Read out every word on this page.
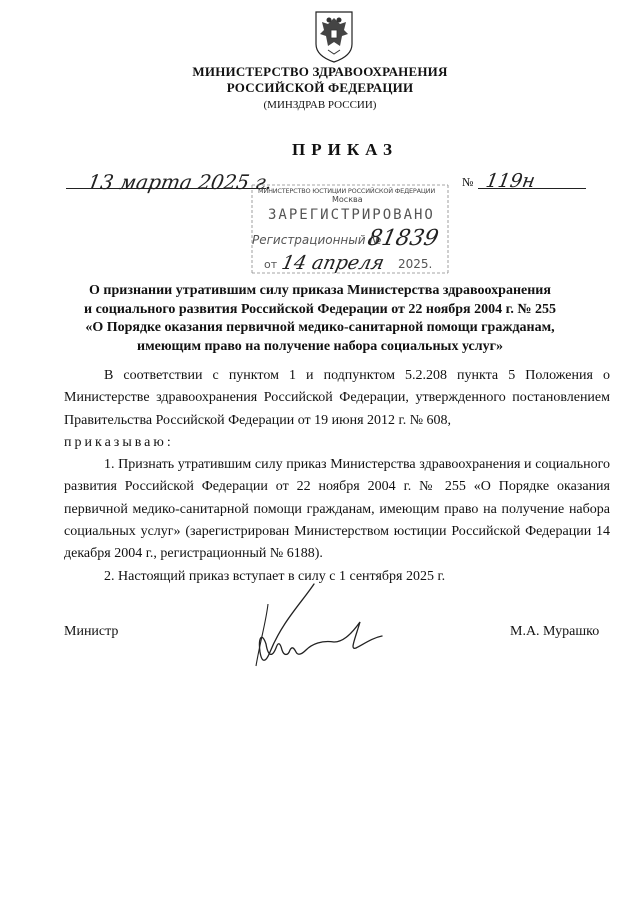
МИНИСТЕРСТВО ЗДРАВООХРАНЕНИЯ
РОССИЙСКОЙ ФЕДЕРАЦИИ
(МИНЗДРАВ РОССИИ)
ПРИКАЗ
13 марта 2025 г.	№ 119н
МИНИСТЕРСТВО ЮСТИЦИИ РОССИЙСКОЙ ФЕДЕРАЦИИ
Москва
ЗАРЕГИСТРИРОВАНО
Регистрационный №
81839
от 14 апреля 2025.
О признании утратившим силу приказа Министерства здравоохранения
и социального развития Российской Федерации от 22 ноября 2004 г. № 255
«О Порядке оказания первичной медико-санитарной помощи гражданам,
имеющим право на получение набора социальных услуг»

В соответствии с пунктом 1 и подпунктом 5.2.208 пункта 5 Положения о Министерстве здравоохранения Российской Федерации, утвержденного постановлением Правительства Российской Федерации от 19 июня 2012 г. № 608,

приказываю:

1. Признать утратившим силу приказ Министерства здравоохранения и социального развития Российской Федерации от 22 ноября 2004 г. № 255 «О Порядке оказания первичной медико-санитарной помощи гражданам, имеющим право на получение набора социальных услуг» (зарегистрирован Министерством юстиции Российской Федерации 14 декабря 2004 г., регистрационный № 6188).

2. Настоящий приказ вступает в силу с 1 сентября 2025 г.

Министр	М.А. Мурашко
